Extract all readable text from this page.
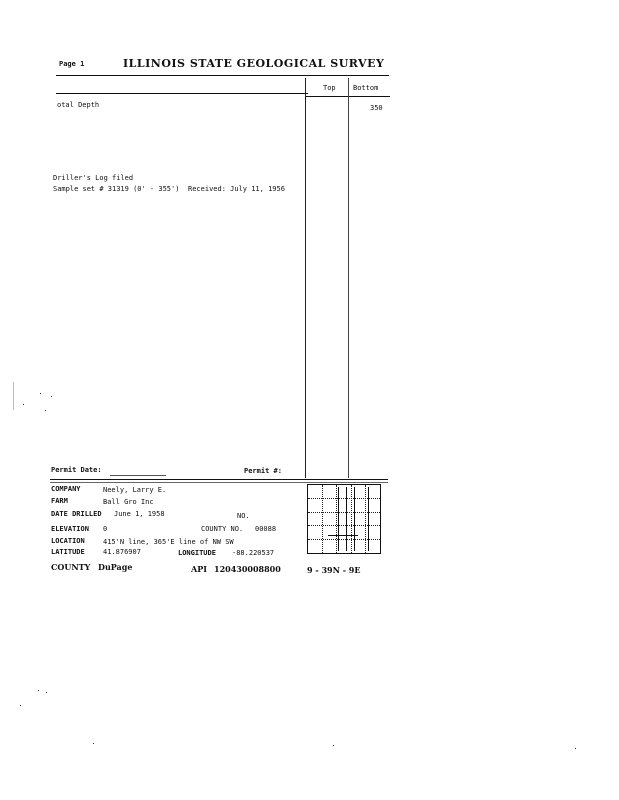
Page 1	ILLINOIS STATE GEOLOGICAL SURVEY
Top Bottom
otal Depth	350
Driller's Log filed
Sample set # 31319 (0' - 355') Received: July 11, 1956
Permit Date:	Permit #:
COMPANY	Neely, Larry E.
FARM	Ball Gro Inc
DATE DRILLED June 1, 1958	NO.
ELEVATION 0	COUNTY NO. 00088
LOCATION	415'N line, 365'E line of NW SW
LATITUDE	41.876907	LONGITUDE -88.220537
COUNTY DuPage	API 120430008800	9 - 39N - 9E
